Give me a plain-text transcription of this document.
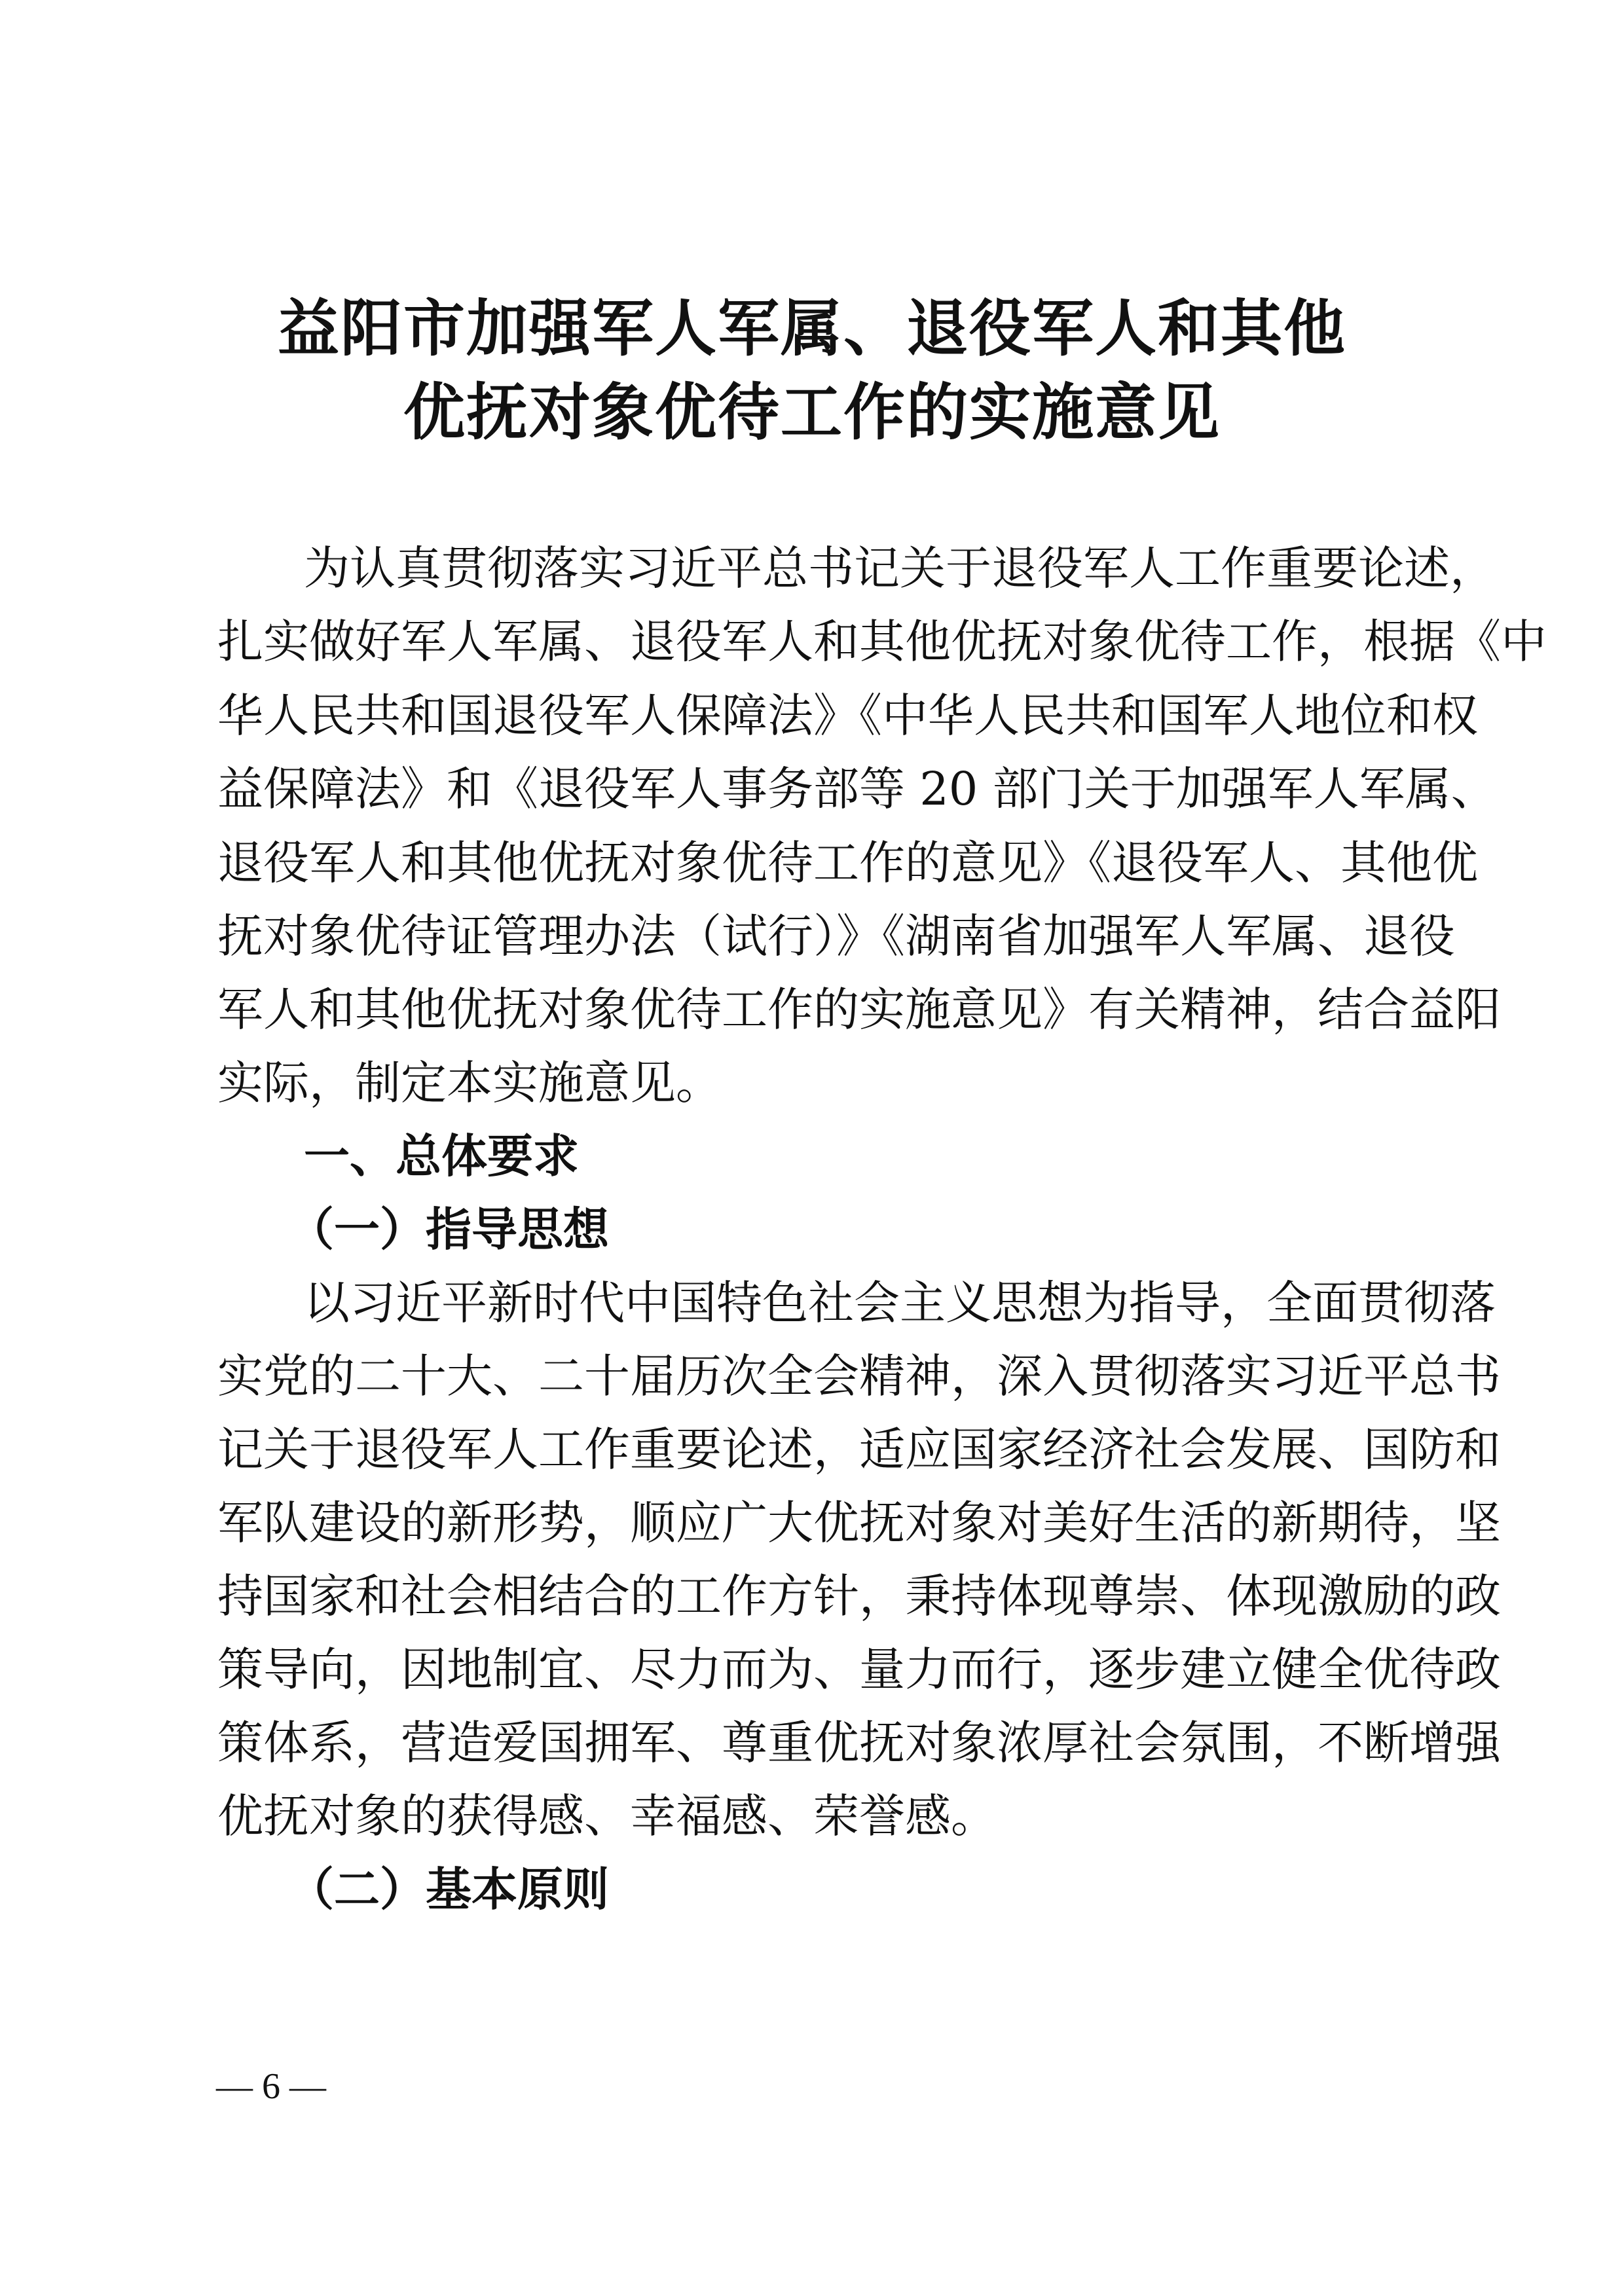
益阳市加强军人军属、退役军人和其他
优抚对象优待工作的实施意见

为认真贯彻落实习近平总书记关于退役军人工作重要论述，

扎实做好军人军属、退役军人和其他优抚对象优待工作，根据《中

华人民共和国退役军人保障法》《中华人民共和国军人地位和权

益保障法》和《退役军人事务部等 20 部门关于加强军人军属、

退役军人和其他优抚对象优待工作的意见》《退役军人、其他优

抚对象优待证管理办法（试行）》《湖南省加强军人军属、退役

军人和其他优抚对象优待工作的实施意见》有关精神，结合益阳

实际，制定本实施意见。

一、总体要求
（一）指导思想

以习近平新时代中国特色社会主义思想为指导，全面贯彻落

实党的二十大、二十届历次全会精神，深入贯彻落实习近平总书

记关于退役军人工作重要论述，适应国家经济社会发展、国防和

军队建设的新形势，顺应广大优抚对象对美好生活的新期待，坚

持国家和社会相结合的工作方针，秉持体现尊崇、体现激励的政

策导向，因地制宜、尽力而为、量力而行，逐步建立健全优待政

策体系，营造爱国拥军、尊重优抚对象浓厚社会氛围，不断增强

优抚对象的获得感、幸福感、荣誉感。

（二）基本原则
— 6 —
